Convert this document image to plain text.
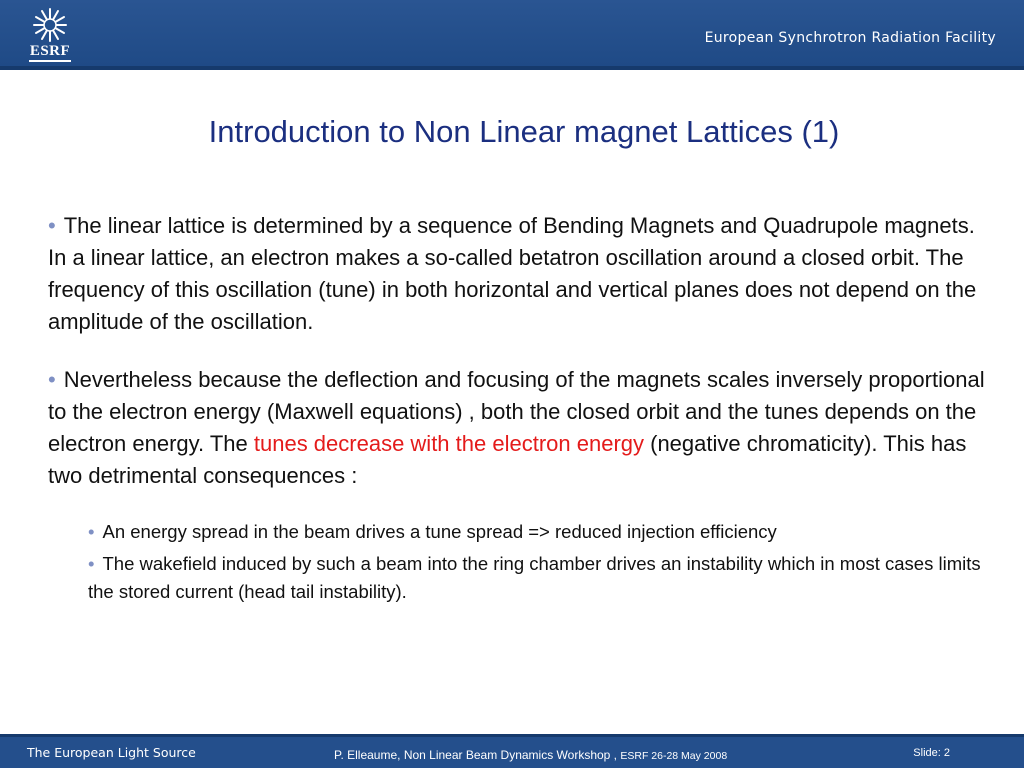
ESRF
European Synchrotron Radiation Facility
Introduction to Non Linear magnet Lattices (1)

• The linear lattice is determined by a sequence of Bending Magnets and Quadrupole magnets. In a linear lattice, an electron makes a so-called betatron oscillation around a closed orbit. The frequency of this oscillation (tune) in both horizontal and vertical planes does not depend on the amplitude of the oscillation.

• Nevertheless because the deflection and focusing of the magnets scales inversely proportional to the electron energy (Maxwell equations) , both the closed orbit and the tunes depends on the electron energy. The tunes decrease with the electron energy (negative chromaticity). This has two detrimental consequences :

• An energy spread in the beam drives a tune spread => reduced injection efficiency
• The wakefield induced by such a beam into the ring chamber drives an instability which in most cases limits the stored current (head tail instability).
The European Light Source	P. Elleaume, Non Linear Beam Dynamics Workshop , ESRF 26-28 May 2008	Slide: 2
